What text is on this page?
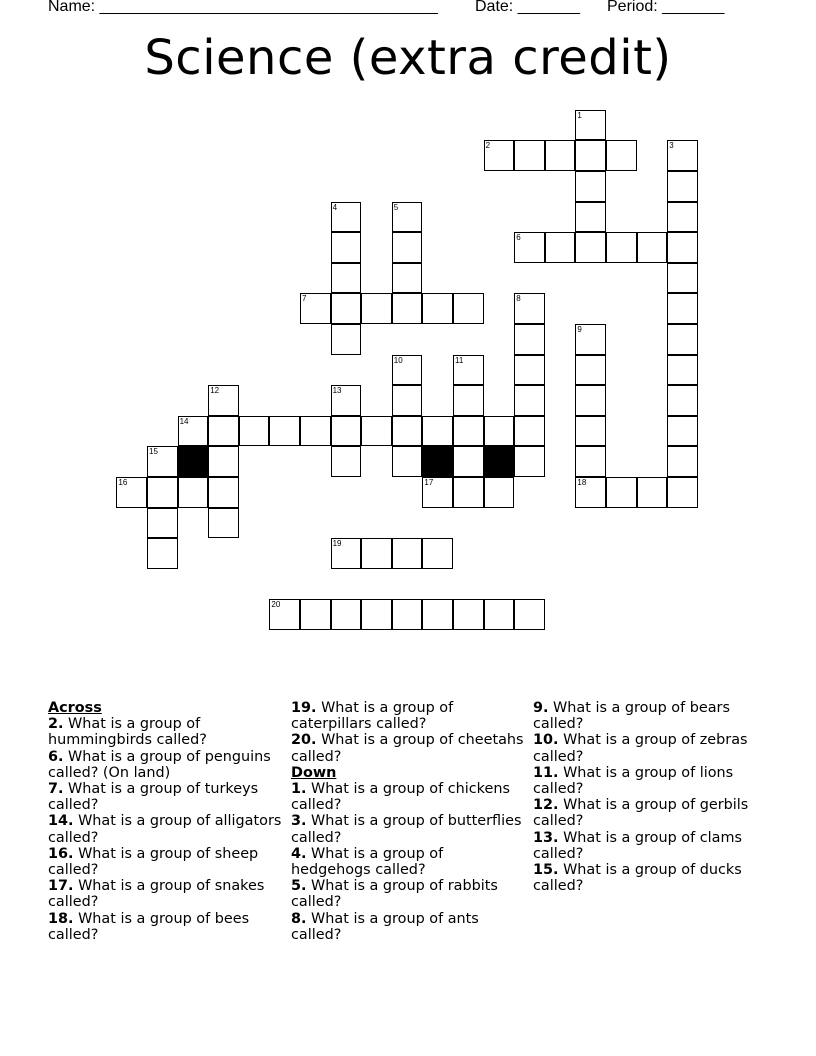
Name: ______________________________________ Date: _______ Period: _______
Science (extra credit)
1
2	3
4	5
6
7	8
9
10	11
12	13
14
15
16	17	18
19
20

Across

2. What is a group of hummingbirds called?

6. What is a group of penguins called? (On land)

7. What is a group of turkeys called?

14. What is a group of alligators called?

16. What is a group of sheep called?

17. What is a group of snakes called?

18. What is a group of bees called?

19. What is a group of caterpillars called?

20. What is a group of cheetahs called?

Down

1. What is a group of chickens called?

3. What is a group of butterflies called?

4. What is a group of hedgehogs called?

5. What is a group of rabbits called?

8. What is a group of ants called?

9. What is a group of bears called?

10. What is a group of zebras called?

11. What is a group of lions called?

12. What is a group of gerbils called?

13. What is a group of clams called?

15. What is a group of ducks called?
